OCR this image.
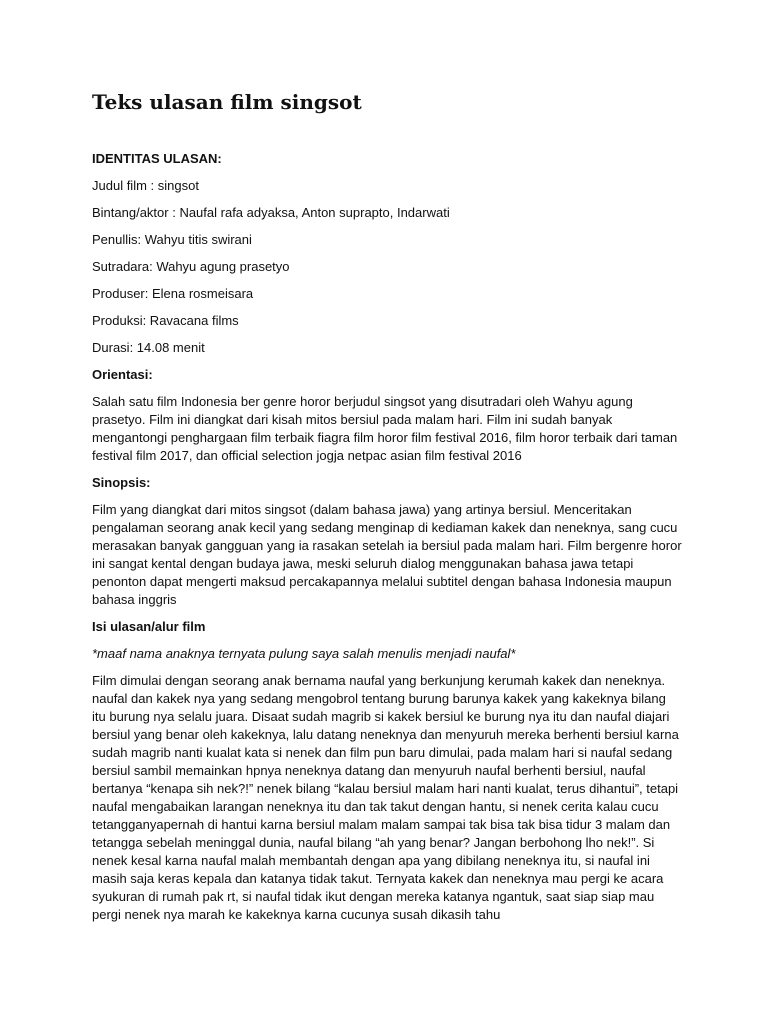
Teks ulasan film singsot

IDENTITAS ULASAN:

Judul film : singsot

Bintang/aktor : Naufal rafa adyaksa, Anton suprapto, Indarwati

Penullis: Wahyu titis swirani

Sutradara: Wahyu agung prasetyo

Produser: Elena rosmeisara

Produksi: Ravacana films

Durasi: 14.08 menit

Orientasi:

Salah satu film Indonesia ber genre horor berjudul singsot yang disutradari oleh Wahyu agung prasetyo. Film ini diangkat dari kisah mitos bersiul pada malam hari. Film ini sudah banyak mengantongi penghargaan film terbaik fiagra film horor film festival 2016, film horor terbaik dari taman festival film 2017, dan official selection jogja netpac asian film festival 2016

Sinopsis:

Film yang diangkat dari mitos singsot (dalam bahasa jawa) yang artinya bersiul. Menceritakan pengalaman seorang anak kecil yang sedang menginap di kediaman kakek dan neneknya, sang cucu merasakan banyak gangguan yang ia rasakan setelah ia bersiul pada malam hari. Film bergenre horor ini sangat kental dengan budaya jawa, meski seluruh dialog menggunakan bahasa jawa tetapi penonton dapat mengerti maksud percakapannya melalui subtitel dengan bahasa Indonesia maupun bahasa inggris

Isi ulasan/alur film

*maaf nama anaknya ternyata pulung saya salah menulis menjadi naufal*

Film dimulai dengan seorang anak bernama naufal yang berkunjung kerumah kakek dan neneknya. naufal dan kakek nya yang sedang mengobrol tentang burung barunya kakek yang kakeknya bilang itu burung nya selalu juara. Disaat sudah magrib si kakek bersiul ke burung nya itu dan naufal diajari bersiul yang benar oleh kakeknya, lalu datang neneknya dan menyuruh mereka berhenti bersiul karna sudah magrib nanti kualat kata si nenek dan film pun baru dimulai, pada malam hari si naufal sedang bersiul sambil memainkan hpnya neneknya datang dan menyuruh naufal berhenti bersiul, naufal bertanya “kenapa sih nek?!” nenek bilang “kalau bersiul malam hari nanti kualat, terus dihantui”, tetapi naufal mengabaikan larangan neneknya itu dan tak takut dengan hantu, si nenek cerita kalau cucu tetangganyapernah di hantui karna bersiul malam malam sampai tak bisa tak bisa tidur 3 malam dan tetangga sebelah meninggal dunia, naufal bilang “ah yang benar? Jangan berbohong lho nek!”. Si nenek kesal karna naufal malah membantah dengan apa yang dibilang neneknya itu, si naufal ini masih saja keras kepala dan katanya tidak takut. Ternyata kakek dan neneknya mau pergi ke acara syukuran di rumah pak rt, si naufal tidak ikut dengan mereka katanya ngantuk, saat siap siap mau pergi nenek nya marah ke kakeknya karna cucunya susah dikasih tahu
